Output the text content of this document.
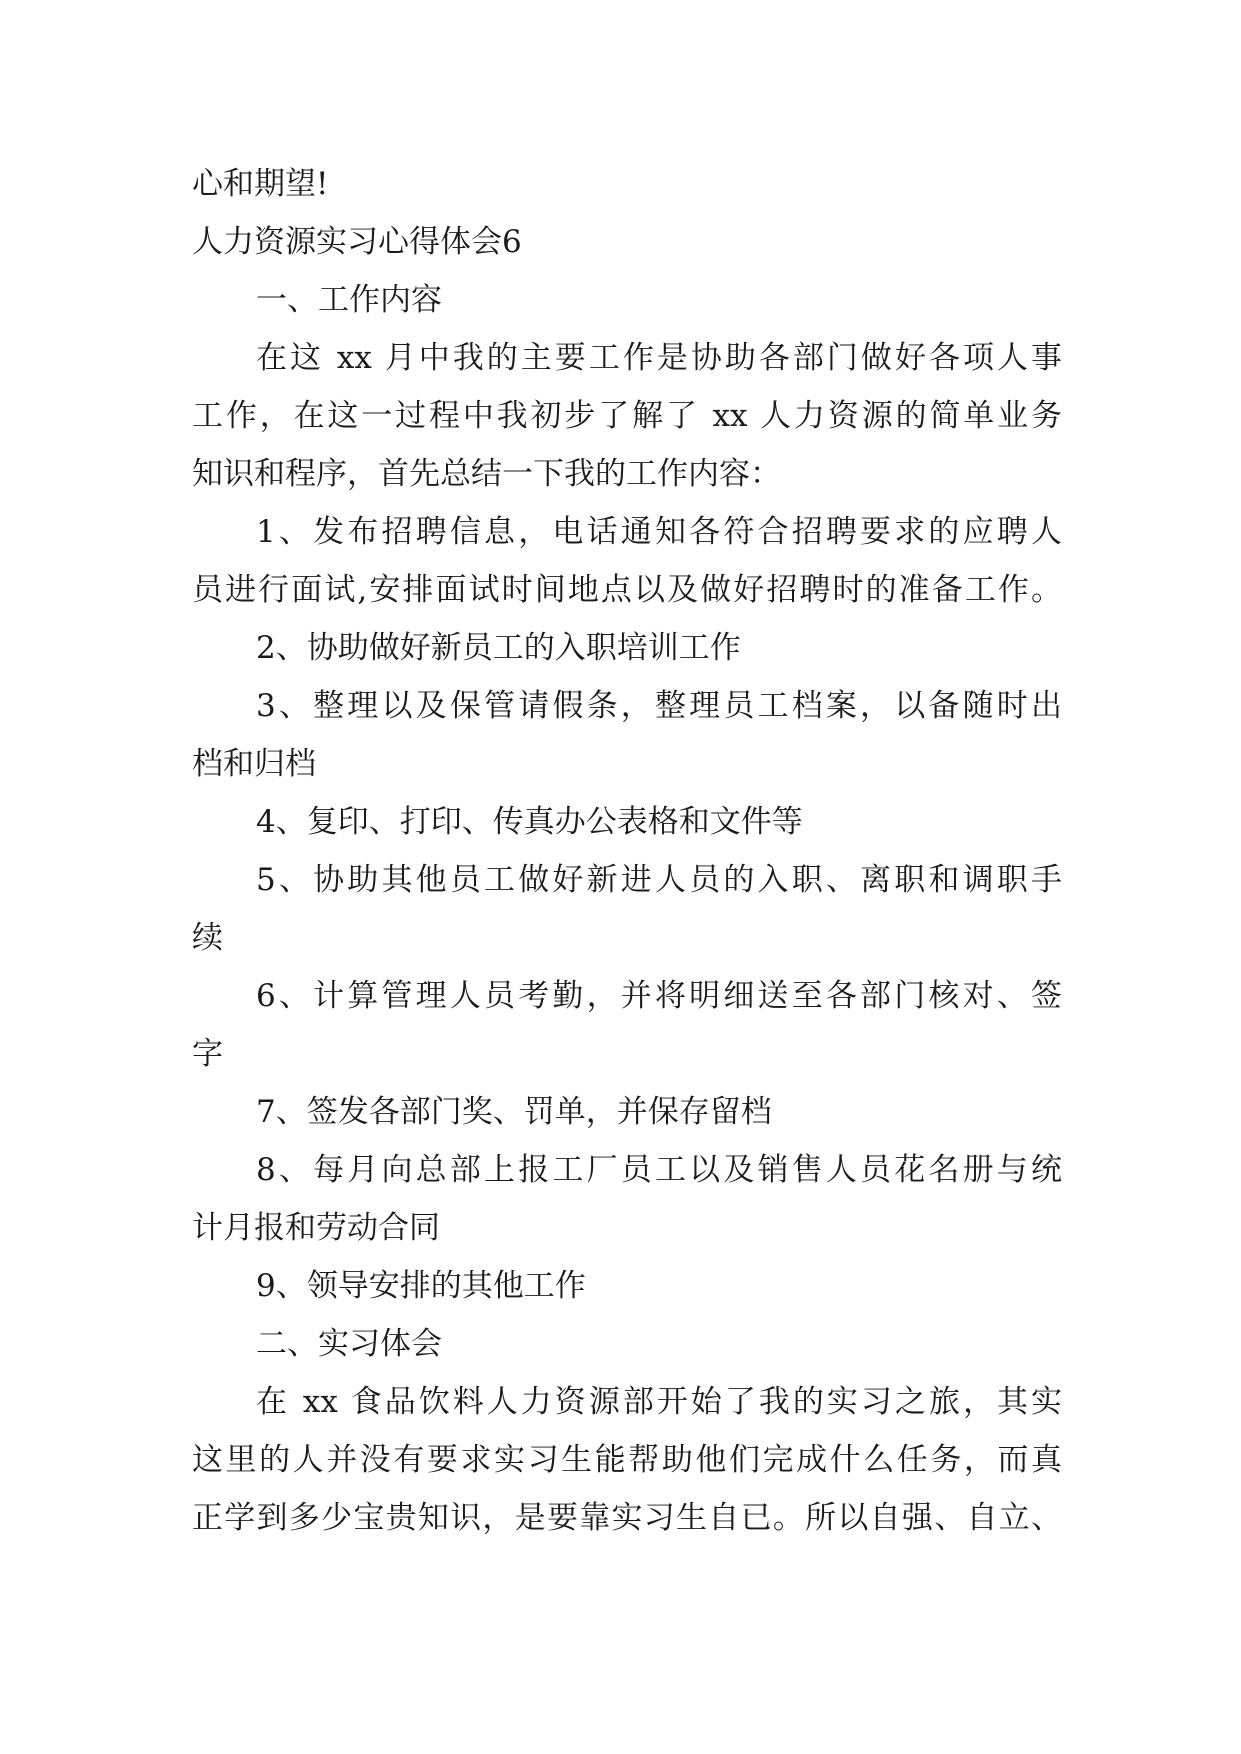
心和期望!
人力资源实习心得体会6
一、工作内容
在这 xx 月中我的主要工作是协助各部门做好各项人事
工作，在这一过程中我初步了解了 xx 人力资源的简单业务
知识和程序，首先总结一下我的工作内容：
1、发布招聘信息，电话通知各符合招聘要求的应聘人
员进行面试,安排面试时间地点以及做好招聘时的准备工作。
2、协助做好新员工的入职培训工作
3、整理以及保管请假条，整理员工档案，以备随时出
档和归档
4、复印、打印、传真办公表格和文件等
5、协助其他员工做好新进人员的入职、离职和调职手
续
6、计算管理人员考勤，并将明细送至各部门核对、签
字
7、签发各部门奖、罚单，并保存留档
8、每月向总部上报工厂员工以及销售人员花名册与统
计月报和劳动合同
9、领导安排的其他工作
二、实习体会
在 xx 食品饮料人力资源部开始了我的实习之旅，其实
这里的人并没有要求实习生能帮助他们完成什么任务，而真
正学到多少宝贵知识，是要靠实习生自已。所以自强、自立、
